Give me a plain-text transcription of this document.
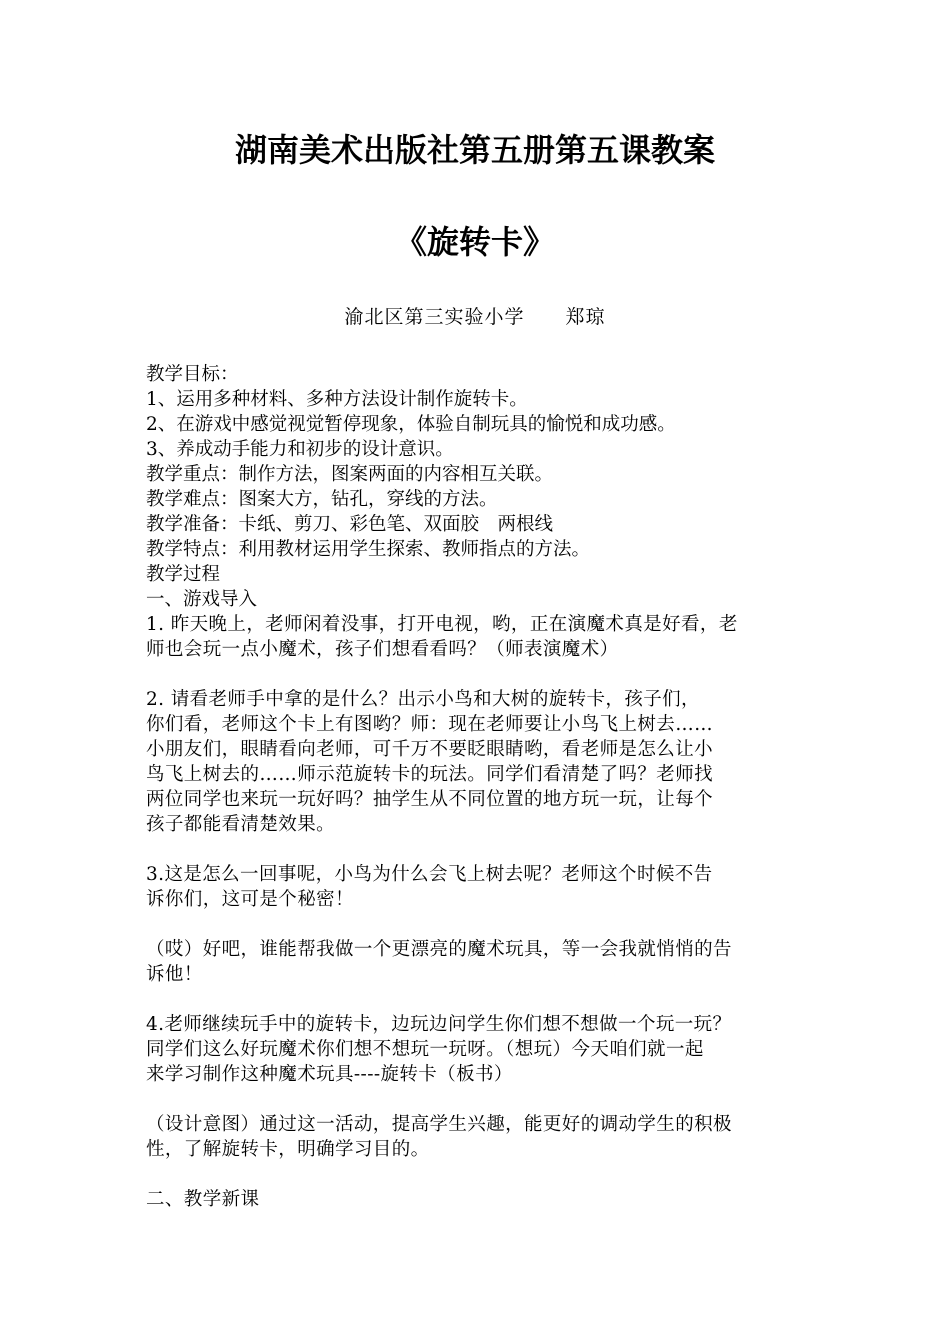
湖南美术出版社第五册第五课教案
《旋转卡》
渝北区第三实验小学 郑琼
教学目标：
1、运用多种材料、多种方法设计制作旋转卡。
2、在游戏中感觉视觉暂停现象，体验自制玩具的愉悦和成功感。
3、养成动手能力和初步的设计意识。
教学重点：制作方法，图案两面的内容相互关联。
教学难点：图案大方，钻孔，穿线的方法。
教学准备：卡纸、剪刀、彩色笔、双面胶　两根线
教学特点：利用教材运用学生探索、教师指点的方法。
教学过程
一、游戏导入
1. 昨天晚上，老师闲着没事，打开电视，哟，正在演魔术真是好看，老
师也会玩一点小魔术，孩子们想看看吗？（师表演魔术）
2. 请看老师手中拿的是什么？出示小鸟和大树的旋转卡，孩子们，
你们看，老师这个卡上有图哟？师：现在老师要让小鸟飞上树去……
小朋友们，眼睛看向老师，可千万不要眨眼睛哟，看老师是怎么让小
鸟飞上树去的……师示范旋转卡的玩法。同学们看清楚了吗？老师找
两位同学也来玩一玩好吗？抽学生从不同位置的地方玩一玩，让每个
孩子都能看清楚效果。
3.这是怎么一回事呢，小鸟为什么会飞上树去呢？老师这个时候不告
诉你们，这可是个秘密！
（哎）好吧，谁能帮我做一个更漂亮的魔术玩具，等一会我就悄悄的告
诉他！
4.老师继续玩手中的旋转卡，边玩边问学生你们想不想做一个玩一玩？
同学们这么好玩魔术你们想不想玩一玩呀。（想玩）今天咱们就一起
来学习制作这种魔术玩具----旋转卡（板书）
（设计意图）通过这一活动，提高学生兴趣，能更好的调动学生的积极
性，了解旋转卡，明确学习目的。
二、教学新课
